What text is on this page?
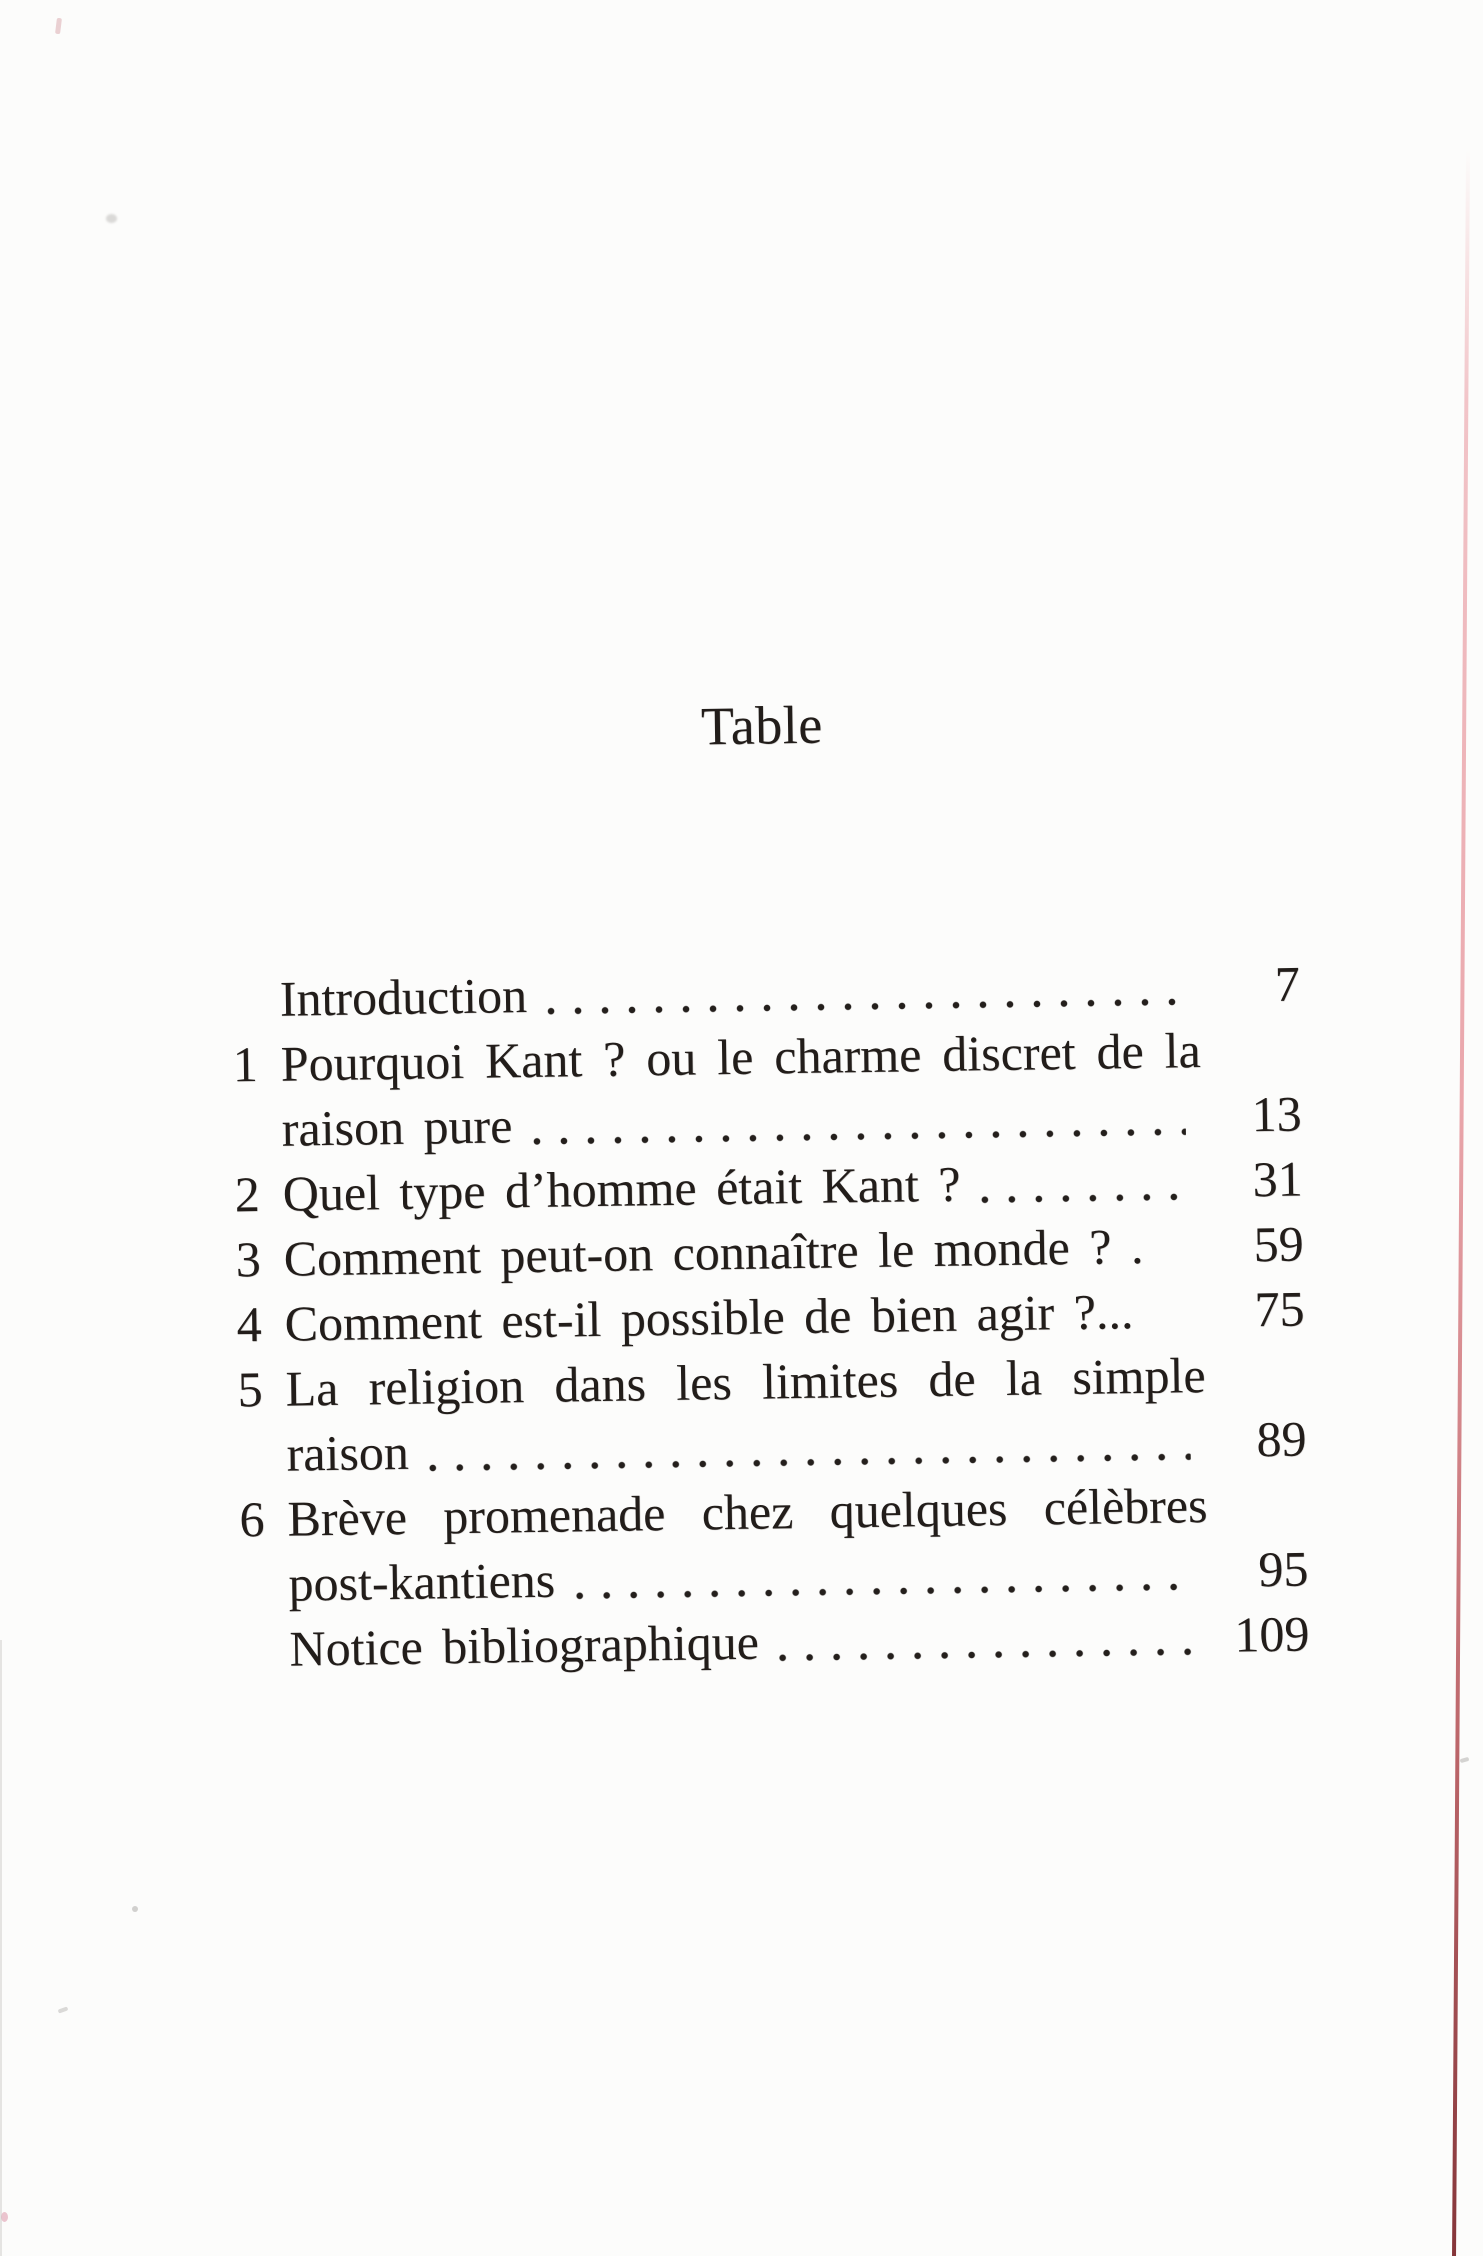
Table
Introduction	7
1 Pourquoi Kant ? ou le charme discret de la
raison pure	13
2 Quel type d’homme était Kant ?	31
3 Comment peut-on connaître le monde ? .	59
4 Comment est-il possible de bien agir ?...	75
5 La religion dans les limites de la simple
raison	89
6 Brève promenade chez quelques célèbres
post-kantiens	95
Notice bibliographique	109
